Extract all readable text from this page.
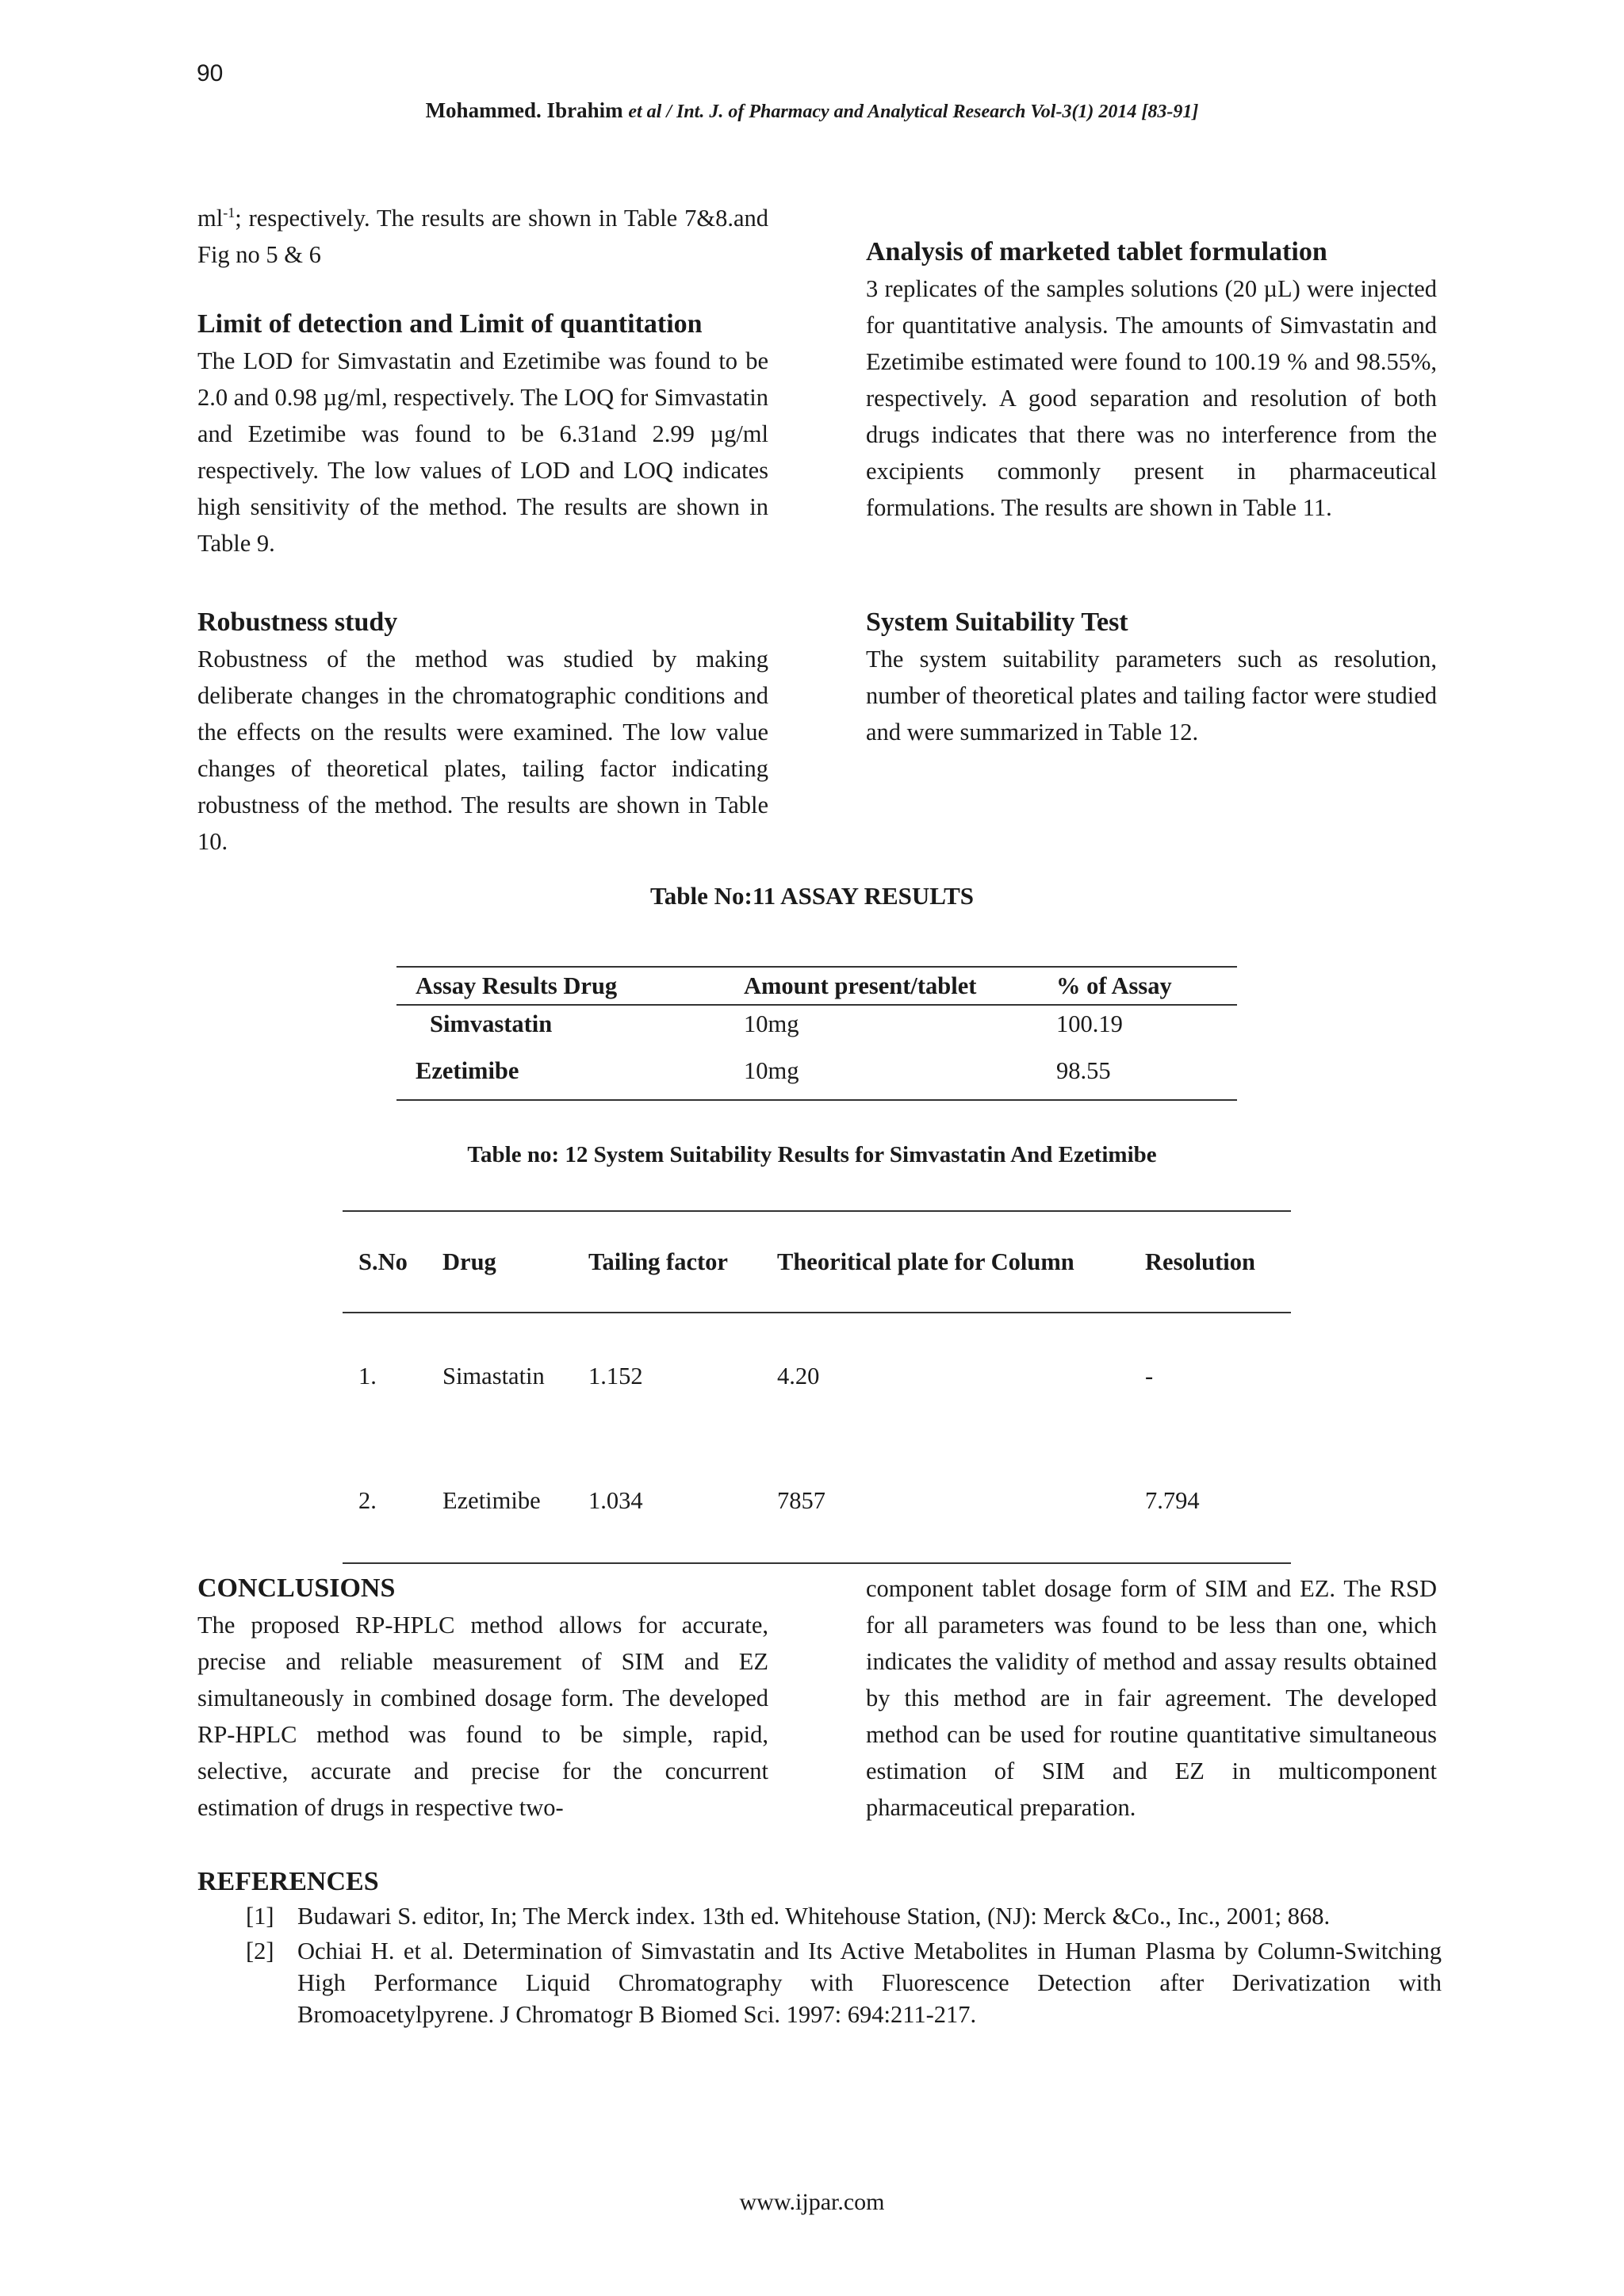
90
Mohammed. Ibrahim et al / Int. J. of Pharmacy and Analytical Research Vol-3(1) 2014 [83-91]

$ml^{-1}$; respectively. The results are shown in Table 7&8.and Fig no 5 & 6

Limit of detection and Limit of quantitation

The LOD for Simvastatin and Ezetimibe was found to be 2.0 and 0.98 µg/ml, respectively. The LOQ for Simvastatin and Ezetimibe was found to be 6.31and 2.99 µg/ml respectively. The low values of LOD and LOQ indicates high sensitivity of the method. The results are shown in Table 9.

Robustness study

Robustness of the method was studied by making deliberate changes in the chromatographic conditions and the effects on the results were examined. The low value changes of theoretical plates, tailing factor indicating robustness of the method. The results are shown in Table 10.

Analysis of marketed tablet formulation

3 replicates of the samples solutions (20 µL) were injected for quantitative analysis. The amounts of Simvastatin and Ezetimibe estimated were found to 100.19 % and 98.55%, respectively. A good separation and resolution of both drugs indicates that there was no interference from the excipients commonly present in pharmaceutical formulations. The results are shown in Table 11.

System Suitability Test

The system suitability parameters such as resolution, number of theoretical plates and tailing factor were studied and were summarized in Table 12.

Table No:11 ASSAY RESULTS
Assay Results Drug	Amount present/tablet	% of Assay
Simvastatin	10mg	100.19
Ezetimibe	10mg	98.55
Table no: 12 System Suitability Results for Simvastatin And Ezetimibe
S.No	Drug	Tailing factor	Theoritical plate for Column	Resolution
1.	Simastatin	1.152	4.20	-
2.	Ezetimibe	1.034	7857	7.794
CONCLUSIONS

The proposed RP-HPLC method allows for accurate, precise and reliable measurement of SIM and EZ simultaneously in combined dosage form. The developed RP-HPLC method was found to be simple, rapid, selective, accurate and precise for the concurrent estimation of drugs in respective two-

component tablet dosage form of SIM and EZ. The RSD for all parameters was found to be less than one, which indicates the validity of method and assay results obtained by this method are in fair agreement. The developed method can be used for routine quantitative simultaneous estimation of SIM and EZ in multicomponent pharmaceutical preparation.

REFERENCES
[1] Budawari S. editor, In; The Merck index. 13th ed. Whitehouse Station, (NJ): Merck &Co., Inc., 2001; 868.
[2] Ochiai H. et al. Determination of Simvastatin and Its Active Metabolites in Human Plasma by Column-Switching High Performance Liquid Chromatography with Fluorescence Detection after Derivatization with Bromoacetylpyrene. J Chromatogr B Biomed Sci. 1997: 694:211-217.
www.ijpar.com
